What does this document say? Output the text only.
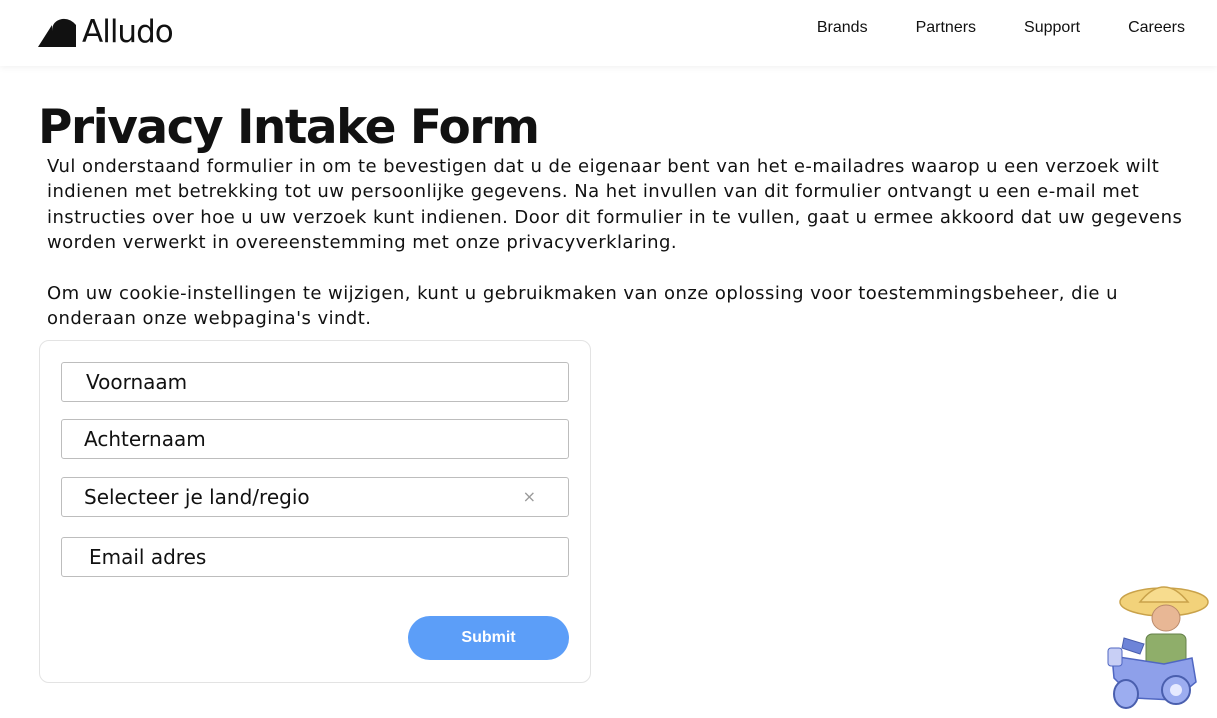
Alludo	Brands	Partners	Support	Careers
Privacy Intake Form

Vul onderstaand formulier in om te bevestigen dat u de eigenaar bent van het e-mailadres waarop u een verzoek wilt indienen met betrekking tot uw persoonlijke gegevens. Na het invullen van dit formulier ontvangt u een e-mail met instructies over hoe u uw verzoek kunt indienen. Door dit formulier in te vullen, gaat u ermee akkoord dat uw gegevens worden verwerkt in overeenstemming met onze privacyverklaring.

Om uw cookie-instellingen te wijzigen, kunt u gebruikmaken van onze oplossing voor toestemmingsbeheer, die u onderaan onze webpagina's vindt.

Voornaam
Achternaam
Selecteer je land/regio
×
Email adres
Submit
